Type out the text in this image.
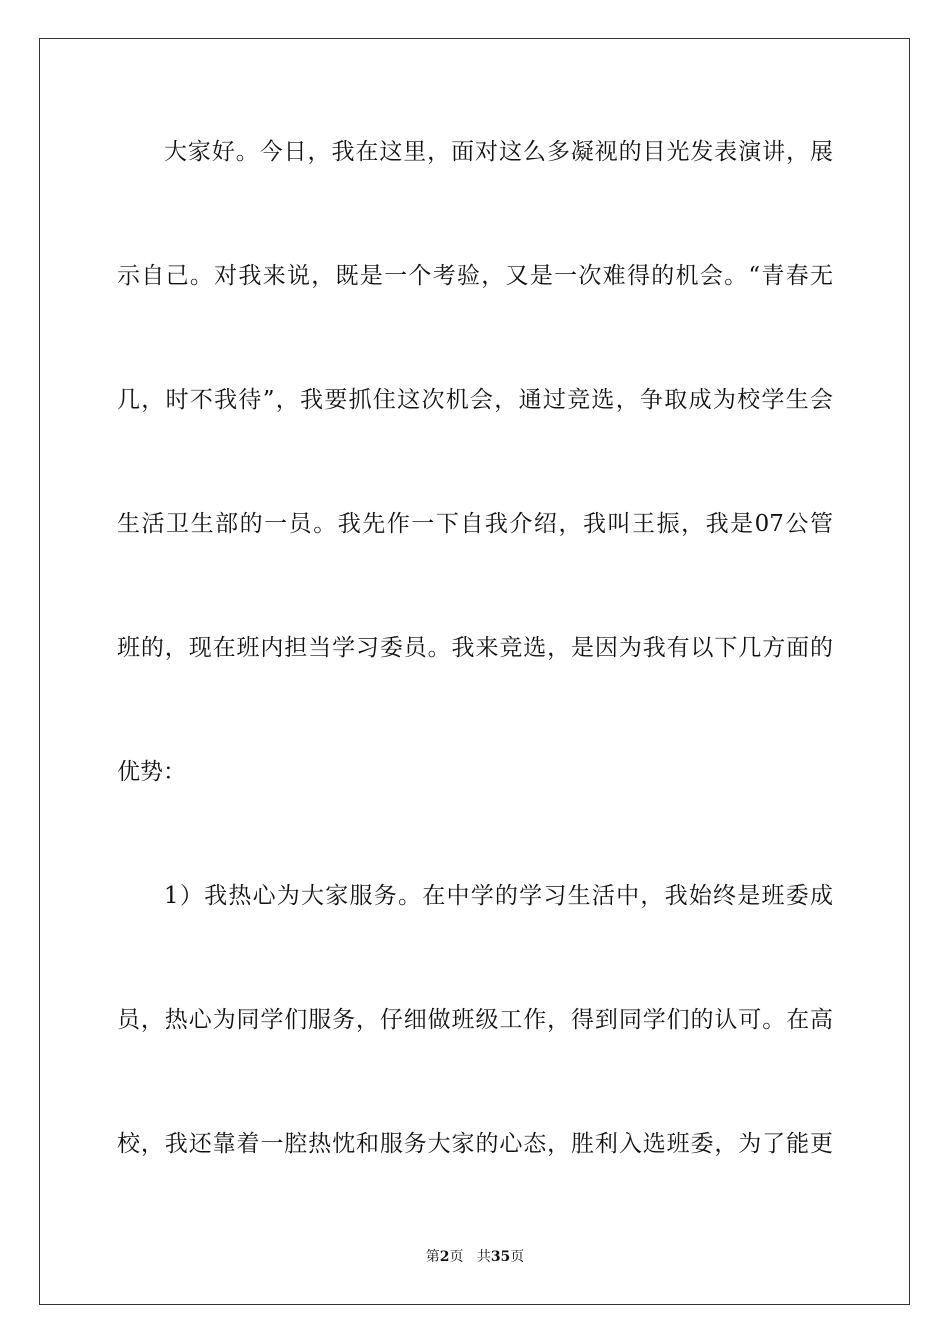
大家好。今日，我在这里，面对这么多凝视的目光发表演讲，展
示自己。对我来说，既是一个考验，又是一次难得的机会。“青春无
几，时不我待”，我要抓住这次机会，通过竞选，争取成为校学生会
生活卫生部的一员。我先作一下自我介绍，我叫王振，我是07公管
班的，现在班内担当学习委员。我来竞选，是因为我有以下几方面的
优势：
1）我热心为大家服务。在中学的学习生活中，我始终是班委成
员，热心为同学们服务，仔细做班级工作，得到同学们的认可。在高
校，我还靠着一腔热忱和服务大家的心态，胜利入选班委，为了能更
第2页 共35页
